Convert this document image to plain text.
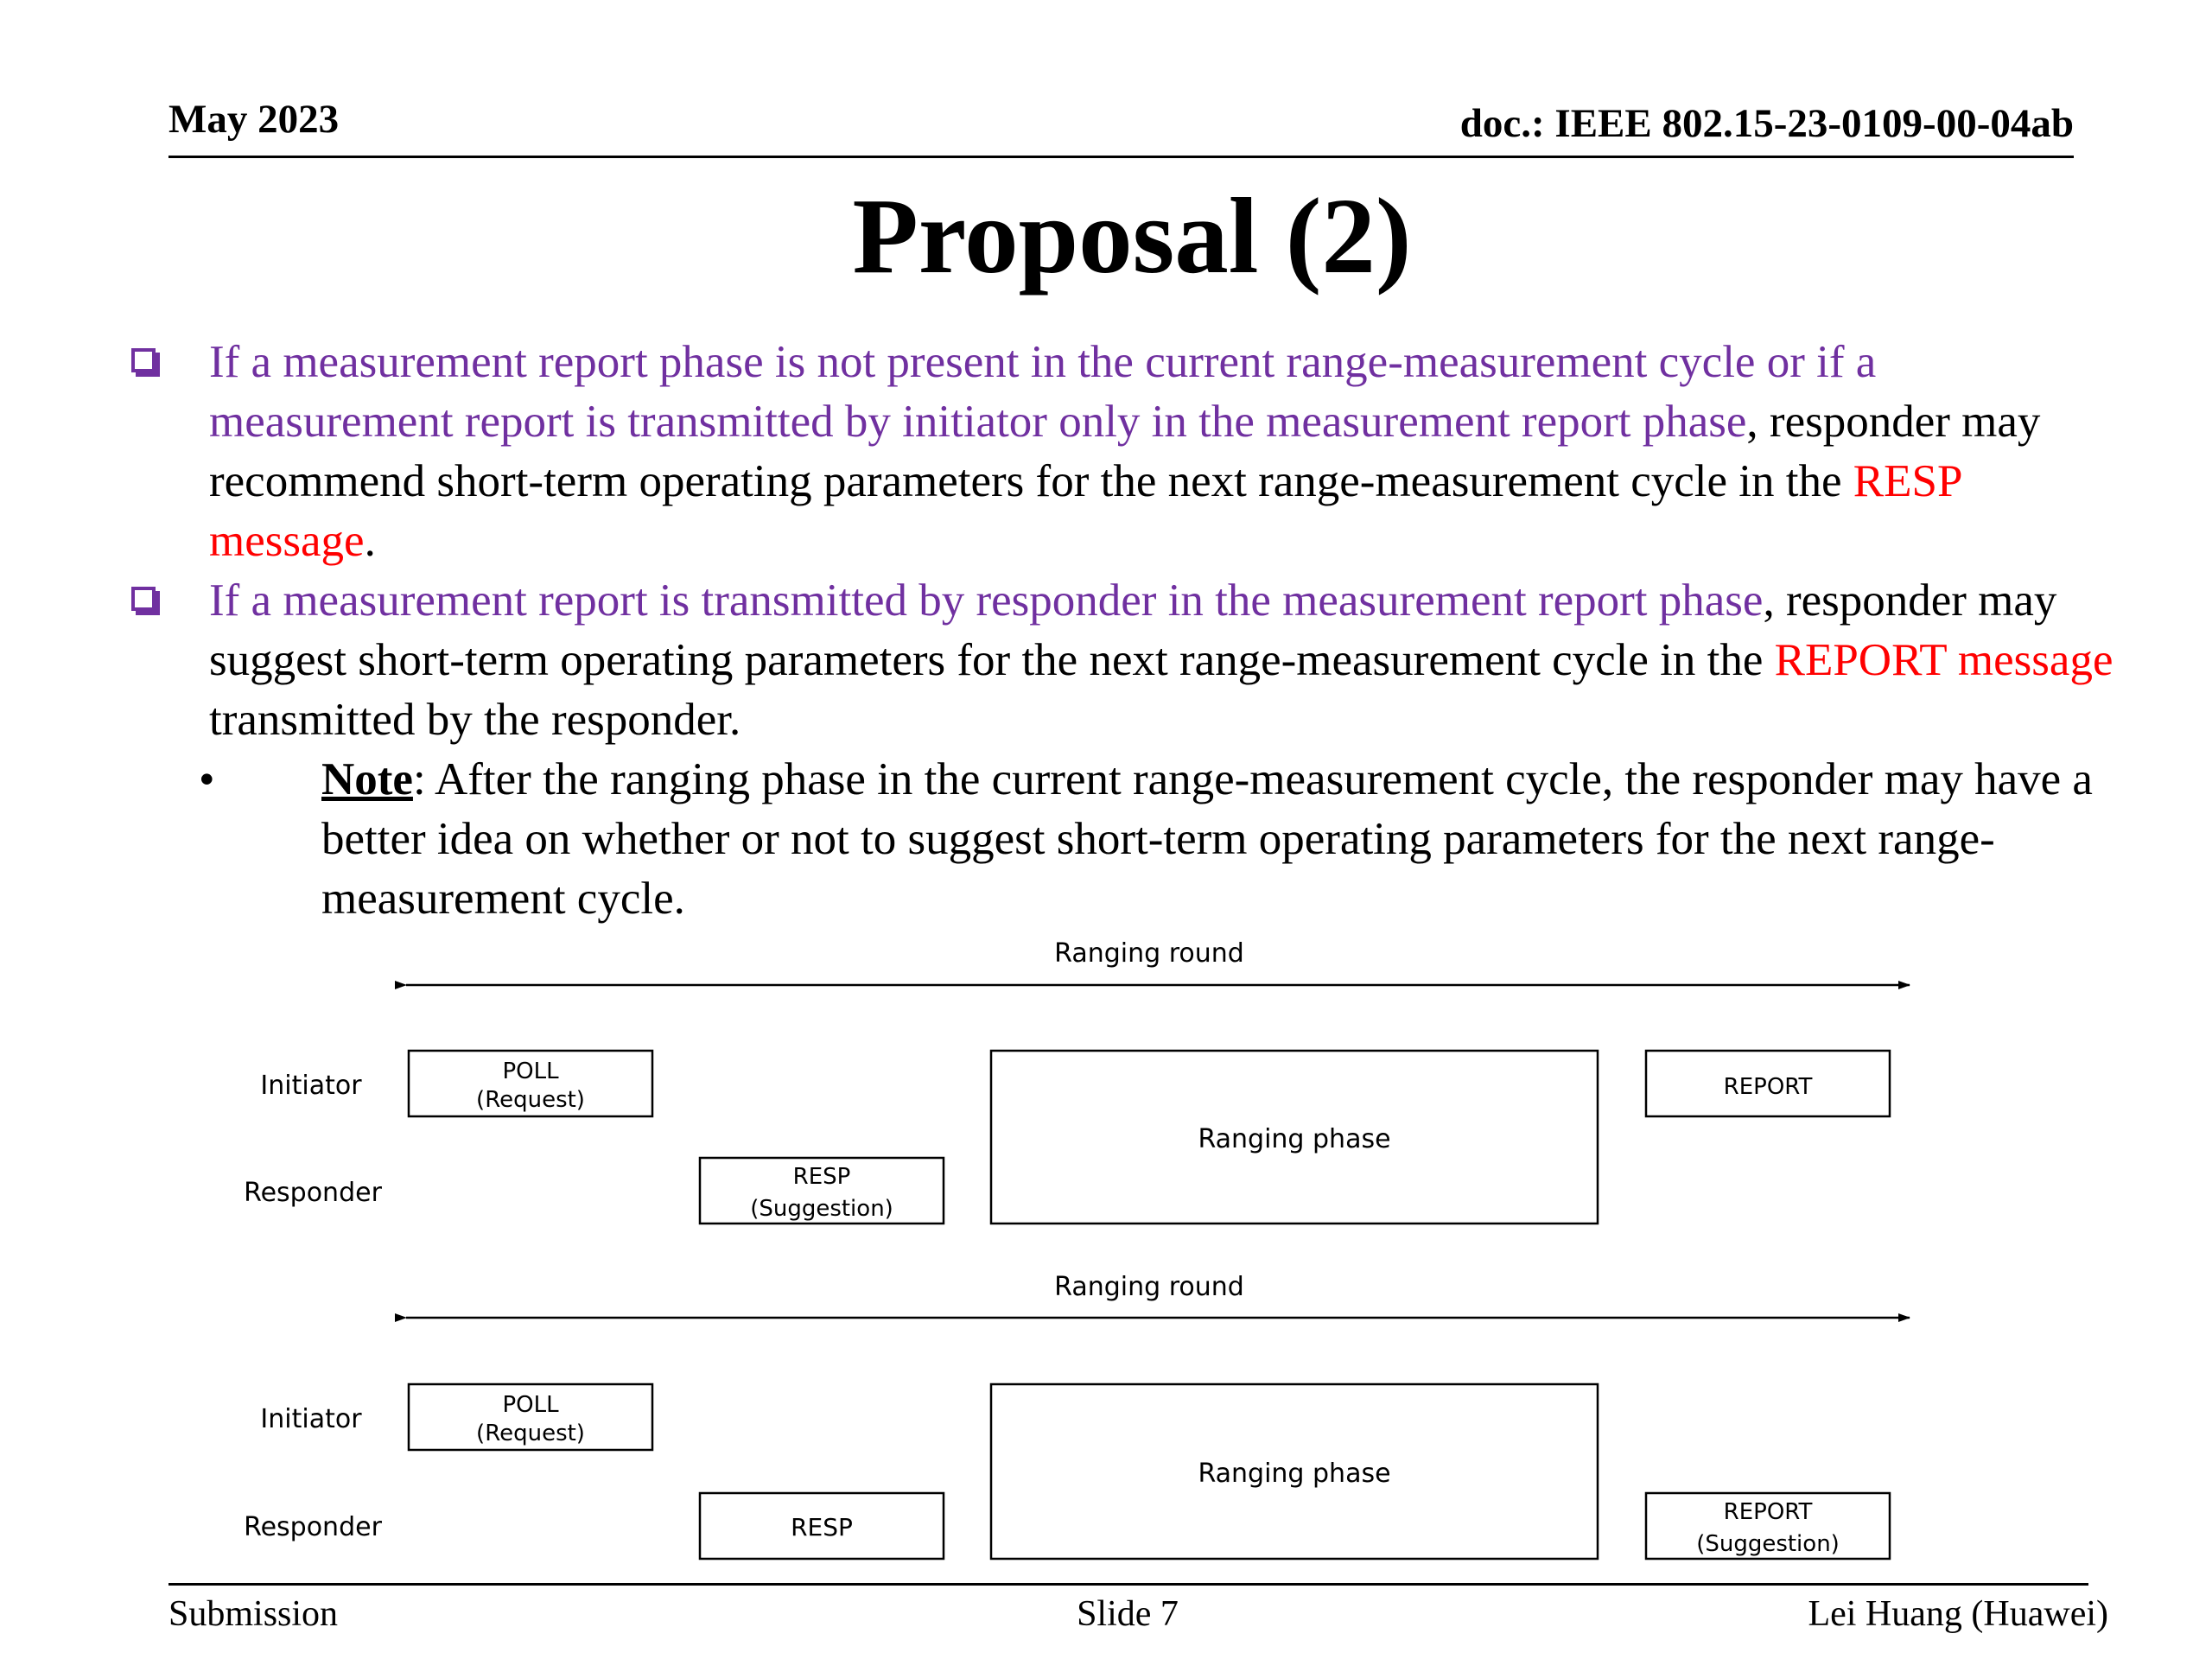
May 2023	doc.: IEEE 802.15-23-0109-00-04ab
Proposal (2)
If a measurement report phase is not present in the current range-measurement cycle or if a measurement report is transmitted by initiator only in the measurement report phase, responder may recommend short-term operating parameters for the next range-measurement cycle in the RESP message.
If a measurement report is transmitted by responder in the measurement report phase, responder may suggest short-term operating parameters for the next range-measurement cycle in the REPORT message transmitted by the responder.
• Note: After the ranging phase in the current range-measurement cycle, the responder may have a better idea on whether or not to suggest short-term operating parameters for the next range-measurement cycle.
Ranging round
Initiator
Responder
POLL
(Request)
RESP
(Suggestion)
Ranging phase
REPORT
Ranging round
Initiator
Responder
POLL
(Request)
RESP
Ranging phase
REPORT
(Suggestion)
Submission	Slide 7	Lei Huang (Huawei)
